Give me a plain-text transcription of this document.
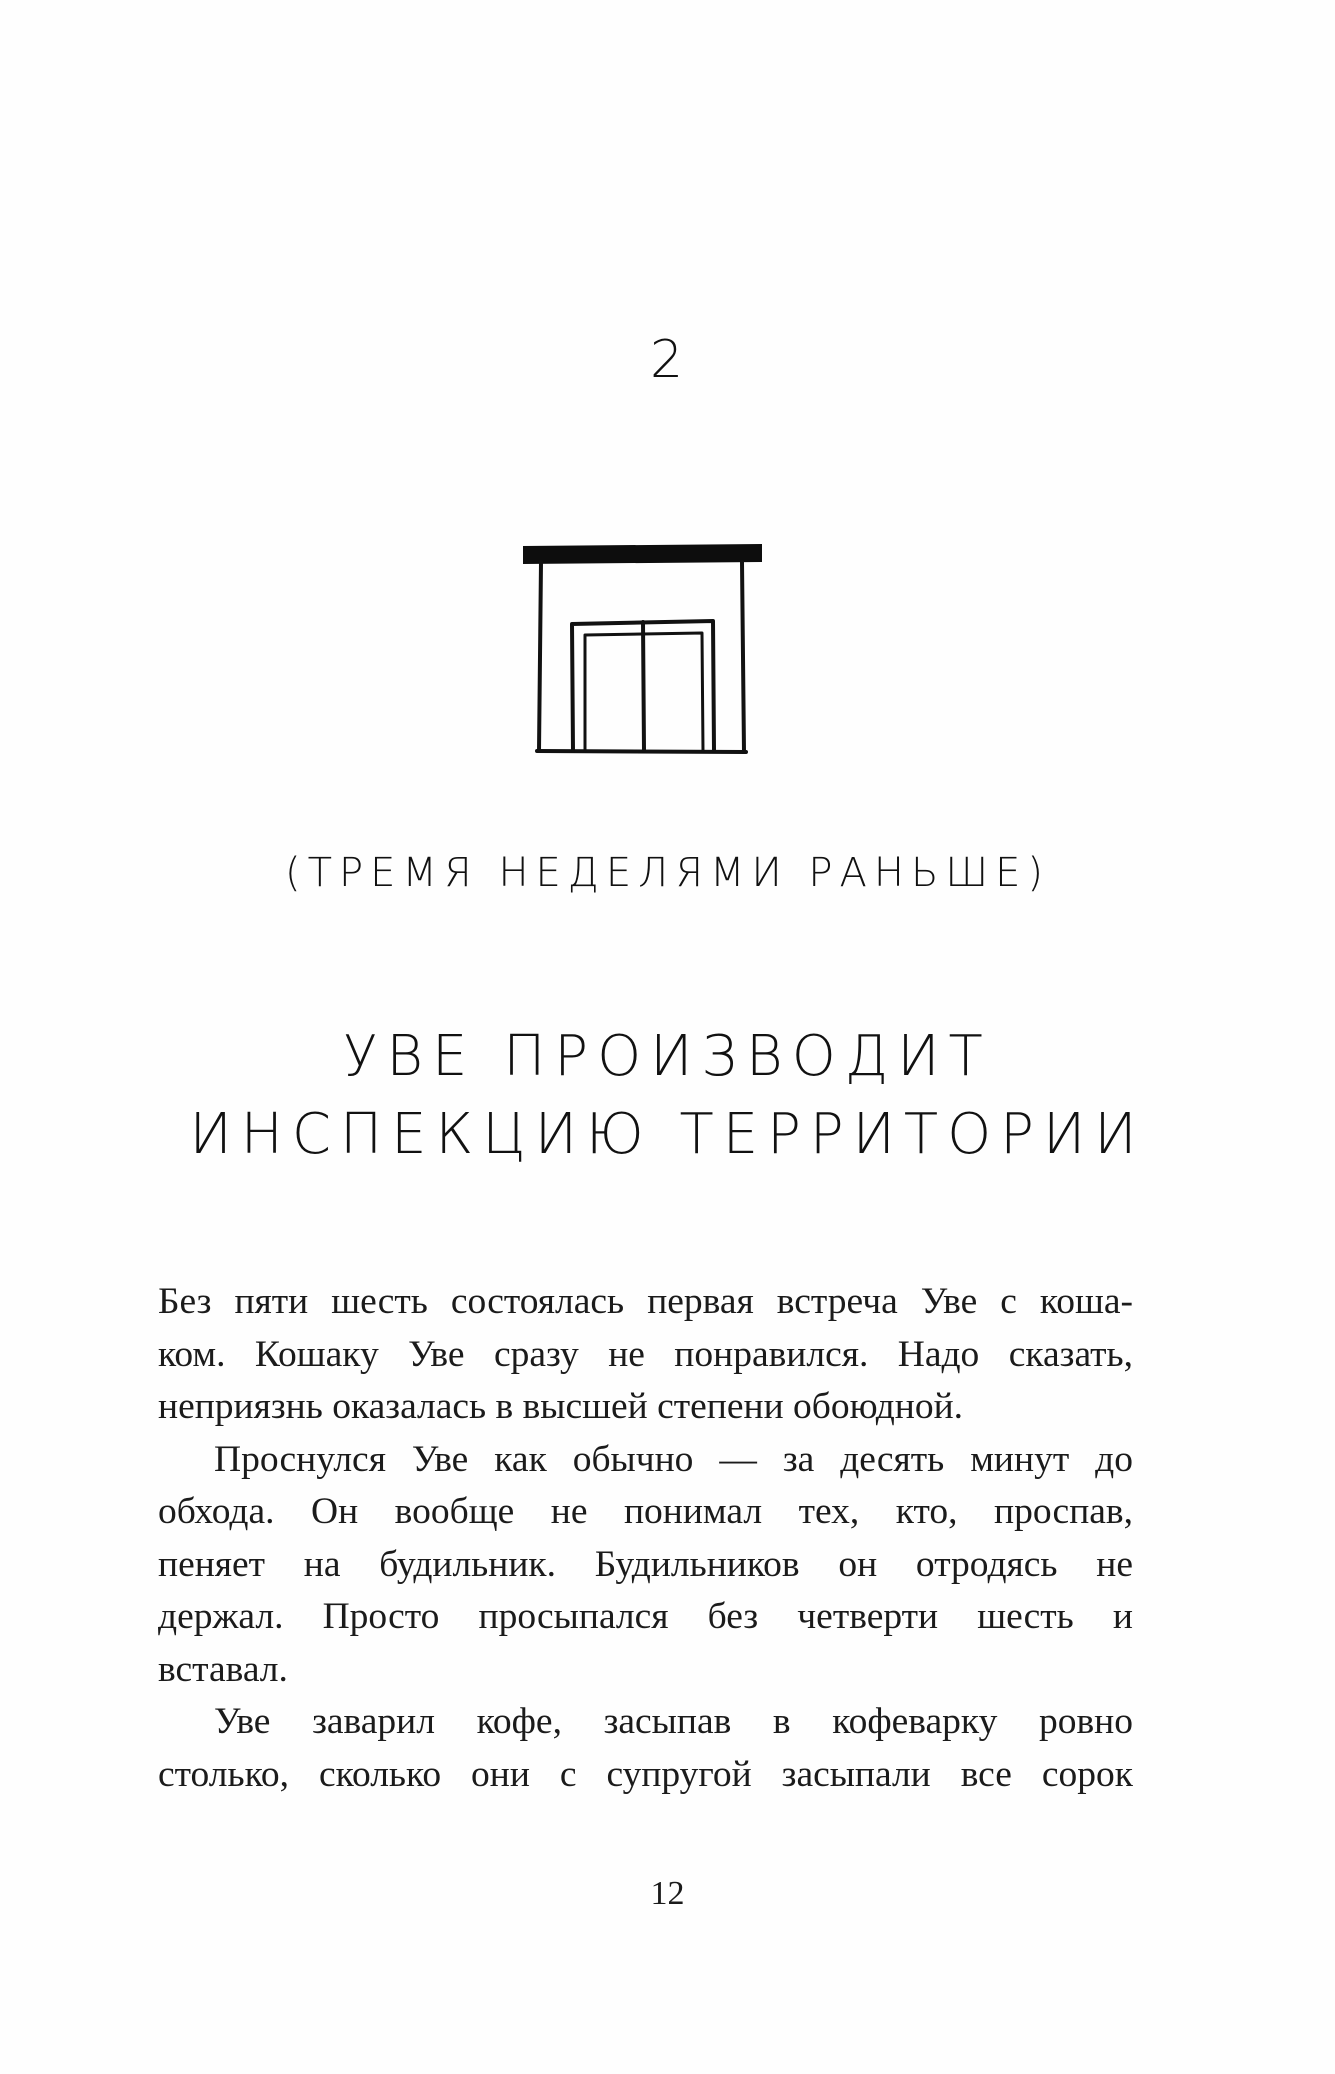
2
(ТРЕМЯ НЕДЕЛЯМИ РАНЬШЕ)
УВЕ ПРОИЗВОДИТ
ИНСПЕКЦИЮ ТЕРРИТОРИИ

Без пяти шесть состоялась первая встреча Уве с коша-
ком. Кошаку Уве сразу не понравился. Надо сказать,
неприязнь оказалась в высшей степени обоюдной.

Проснулся Уве как обычно — за десять минут до
обхода. Он вообще не понимал тех, кто, проспав,
пеняет на будильник. Будильников он отродясь не
держал. Просто просыпался без четверти шесть и
вставал.

Уве заварил кофе, засыпав в кофеварку ровно
столько, сколько они с супругой засыпали все сорок

12
